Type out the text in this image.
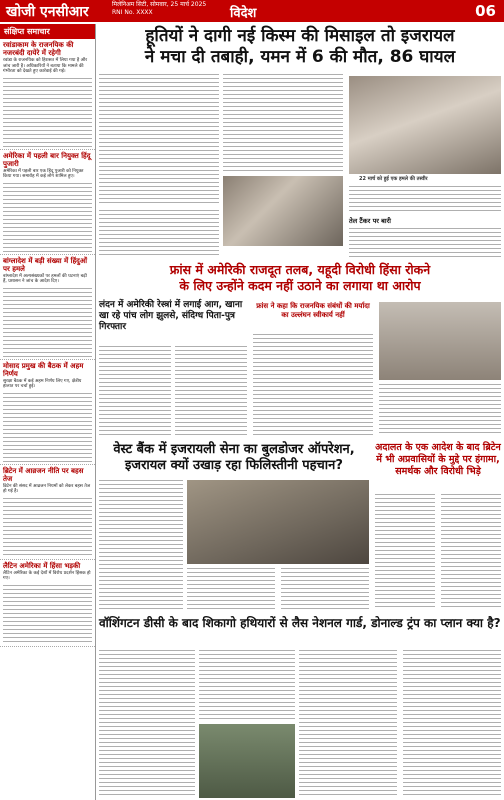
खोजी एनसीआर	मिलेनिअम सिटी, सोमवार, 25 मार्च 2025
RNI No. XXXX	विदेश	06
संक्षिप्त समाचार
रवांडाकाम के राजनयिक की नजरबंदी दायेरे में रहेगी

रवांडा के राजनयिक को हिरासत में लिया गया है और जांच जारी है। अधिकारियों ने बताया कि मामले की गंभीरता को देखते हुए कार्रवाई की गई।

अमेरिका में पहली बार नियुक्त हिंदू पुजारी

अमेरिका में पहली बार एक हिंदू पुजारी को नियुक्त किया गया। समारोह में कई लोग शामिल हुए।

बांग्लादेश में बड़ी संख्या में हिंदुओं पर हमले

बांग्लादेश में अल्पसंख्यकों पर हमलों की घटनाएं बढ़ी हैं, प्रशासन ने जांच के आदेश दिए।

मोसाद प्रमुख की बैठक में अहम निर्णय

सुरक्षा बैठक में कई अहम निर्णय लिए गए, क्षेत्रीय हालात पर चर्चा हुई।

ब्रिटेन में आव्रजन नीति पर बहस तेज

ब्रिटेन की संसद में आव्रजन नियमों को लेकर बहस तेज हो गई है।

लैटिन अमेरिका में हिंसा भड़की

लैटिन अमेरिका के कई देशों में विरोध प्रदर्शन हिंसक हो गए।

हूतियों ने दागी नई किस्म की मिसाइल तो इजरायल
ने मचा दी तबाही, यमन में 6 की मौत, 86 घायल
22 मार्च को हुई एक हमले की तस्वीर
तेल टैंकर पर बारी
फ्रांस में अमेरिकी राजदूत तलब, यहूदी विरोधी हिंसा रोकने
के लिए उन्होंने कदम नहीं उठाने का लगाया था आरोप
लंदन में अमेरिकी रेस्त्रां में लगाई आग, खाना खा रहे पांच लोग झुलसे, संदिग्ध पिता-पुत्र गिरफ्तार
फ्रांस ने कहा कि राजनयिक संबंधों की मर्यादा का उल्लंघन स्वीकार्य नहीं
वेस्ट बैंक में इजरायली सेना का बुलडोजर ऑपरेशन,
इजरायल क्यों उखाड़ रहा फिलिस्तीनी पहचान?
अदालत के एक आदेश के बाद ब्रिटेन में भी अप्रवासियों के मुद्दे पर हंगामा, समर्थक और विरोधी भिड़े
वॉशिंगटन डीसी के बाद शिकागो हथियारों से लैस नेशनल गार्ड, डोनाल्ड ट्रंप का प्लान क्या है?
